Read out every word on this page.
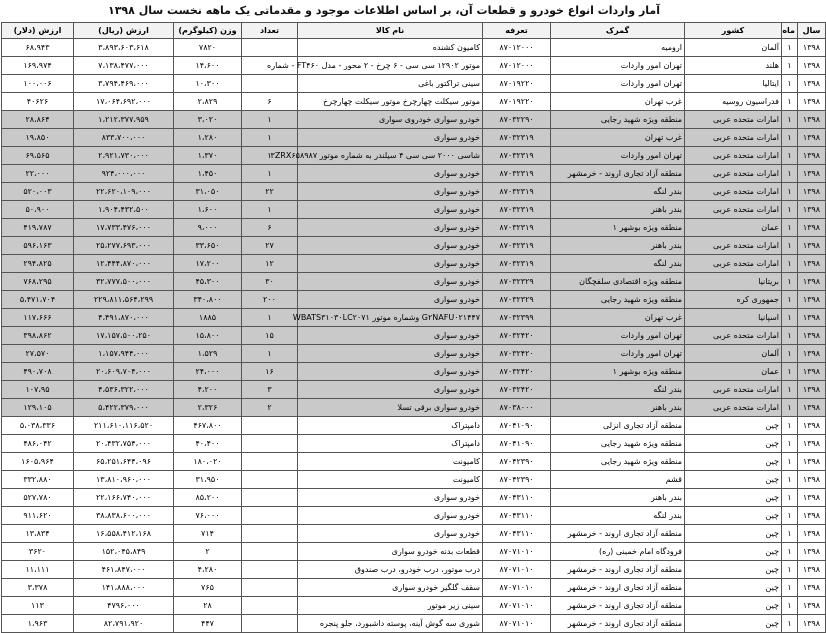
آمار واردات انواع خودرو و قطعات آن، بر اساس اطلاعات موجود و مقدماتی یک ماهه نخست سال ۱۳۹۸
سال	ماه	کشور	گمرک	تعرفه	نام کالا	تعداد	وزن (کیلوگرم)	ارزش (ریال)	ارزش (دلار)
۱۳۹۸	۱	آلمان	اروميه	۸۷۰۱۲۰۰۰	کامیون کشنده		۷۸۲۰	۳،۸۹۳،۶۰۳،۶۱۸	۶۸،۹۴۳
۱۳۹۸	۱	هلند	تهران امور واردات	۸۷۰۱۲۰۰۰	موتور ۱۲۹۰۲ سی سی - ۶ چرخ - ۲ محور - مدل FT۴۶۰ - شماره		۱۴،۶۰۰	۷،۱۳۸،۴۷۷،۰۰۰	۱۶۹،۹۷۴
۱۳۹۸	۱	ایتالیا	تهران امور واردات	۸۷۰۱۹۲۲۰	سینی تراکتور باغی		۱۰،۳۰۰	۳،۷۹۴،۴۶۹،۰۰۰	۱۰۰،۰۰۶
۱۳۹۸	۱	فدراسیون روسیه	غرب تهران	۸۷۰۱۹۲۲۰	موتور سیکلت چهارچرخ موتور سیکلت چهارچرخ	۶	۲،۸۲۹	۱۷،۰۶۴،۶۹۲،۰۰۰	۴۰۶۲۶
۱۳۹۸	۱	امارات متحده عربی	منطقه ویژه شهید رجایی	۸۷۰۳۲۲۹۰	خودرو سواری خودروی سواری	۱	۳،۰۲۰	۱،۲۱۲،۳۷۷،۹۵۹	۲۸،۸۶۴
۱۳۹۸	۱	امارات متحده عربی	غرب تهران	۸۷۰۳۲۳۱۹	خودرو سواری	۱	۱،۲۸۰	۸۳۳،۷۰۰،۰۰۰	۱۹،۸۵۰
۱۳۹۸	۱	امارات متحده عربی	تهران امور واردات	۸۷۰۳۲۳۱۹	شاسی ۲۰۰۰ سی سی ۴ سیلندر به شماره موتور ۳ZRX۶۵۸۹۸۷	۱	۱،۳۷۰	۲،۹۲۱،۷۳۰،۰۰۰	۶۹،۵۶۵
۱۳۹۸	۱	امارات متحده عربی	منطقه آزاد تجاری اروند - خرمشهر	۸۷۰۳۲۳۱۹	خودرو سواری	۱	۱،۴۵۰	۹۲۴،۰۰۰،۰۰۰	۲۲،۰۰۰
۱۳۹۸	۱	امارات متحده عربی	بندر لنگه	۸۷۰۳۲۳۱۹	خودرو سواری	۲۲	۳۱،۰۵۰	۲۲،۶۲۰،۱۰۹،۰۰۰	۵۲۰،۰۰۳
۱۳۹۸	۱	امارات متحده عربی	بندر باهنر	۸۷۰۳۲۳۱۹	خودرو سواری	۱	۱،۶۰۰	۱،۹۰۴،۴۳۲،۵۰۰	۵۰،۹۰۰
۱۳۹۸	۱	عمان	منطقه ویژه بوشهر ۱	۸۷۰۳۲۳۱۹	خودرو سواری	۶	۹،۰۰۰	۱۷،۷۳۳،۴۷۶،۰۰۰	۴۱۹،۷۸۷
۱۳۹۸	۱	امارات متحده عربی	بندر باهنر	۸۷۰۳۲۳۱۹	خودرو سواری	۲۷	۳۳،۶۵۰	۲۵،۲۷۷،۶۹۳،۰۰۰	۵۹۶،۱۶۳
۱۳۹۸	۱	امارات متحده عربی	بندر لنگه	۸۷۰۳۲۳۱۹	خودرو سواری	۱۲	۱۷،۲۰۰	۱۲،۴۴۴،۸۷۰،۰۰۰	۲۹۴،۸۲۵
۱۳۹۸	۱	بریتانیا	منطقه ویژه اقتصادی سلفچگان	۸۷۰۳۲۳۲۹	خودرو سواری	۳۰	۴۵،۳۰۰	۳۲،۷۷۷،۵۰۰،۰۰۰	۷۶۸،۲۹۵
۱۳۹۸	۱	جمهوری کره	منطقه ویژه شهید رجایی	۸۷۰۳۲۳۲۹	خودرو سواری	۲۰۰	۳۴۰،۸۰۰	۲۲۹،۸۱۱،۵۶۴،۲۹۹	۵،۴۷۱،۷۰۴
۱۳۹۸	۱	اسپانیا	غرب تهران	۸۷۰۳۲۳۹۹	G۲NAFU۰۲۱۴۴۷ وشماره موتور WBATS۳۱۰۳۰LC۲۰۷۱	۱	۱۸۸۵	۴،۴۹۱،۸۷۰،۰۰۰	۱۱۷،۶۶۶
۱۳۹۸	۱	امارات متحده عربی	تهران امور واردات	۸۷۰۳۲۴۲۰	خودرو سواری	۱۵	۱۵،۸۰۰	۱۷،۱۵۷،۵۰۰،۲۵۰	۳۹۸،۸۶۲
۱۳۹۸	۱	آلمان	تهران امور واردات	۸۷۰۳۲۴۲۰	خودرو سواری	۱	۱،۵۲۹	۱،۱۵۷،۹۴۴،۰۰۰	۲۷،۵۷۰
۱۳۹۸	۱	عمان	منطقه ویژه بوشهر ۱	۸۷۰۳۲۴۲۰	خودرو سواری	۱۶	۲۴،۰۰۰	۲۰،۶۰۹،۷۰۴،۰۰۰	۴۹۰،۷۰۸
۱۳۹۸	۱	امارات متحده عربی	بندر لنگه	۸۷۰۳۲۴۲۰	خودرو سواری	۳	۴،۲۰۰	۴،۵۳۶،۳۲۲،۰۰۰	۱۰۷،۹۵
۱۳۹۸	۱	امارات متحده عربی	بندر باهنر	۸۷۰۳۸۰۰۰	خودرو سواری برقی تسلا	۲	۲،۳۲۶	۵،۴۲۲،۳۷۹،۰۰۰	۱۲۹،۱۰۵
۱۳۹۸	۱	چین	منطقه آزاد تجاری انزلی	۸۷۰۴۱۰۹۰	دامپتراک		۴۶۷،۸۰۰	۲۱۱،۶۱۰،۱۱۶،۵۲۰	۵،۰۳۸،۳۳۶
۱۳۹۸	۱	چین	منطقه ویژه شهید رجایی	۸۷۰۴۱۰۹۰	دامپتراک		۴۰،۴۰۰	۲۰،۴۳۲،۷۵۴،۰۰۰	۴۸۶،۰۴۲
۱۳۹۸	۱	چین	منطقه ویژه شهید رجایی	۸۷۰۴۲۳۹۰	کامیونت		۱۸۰،۰۲۰	۶۵،۲۵۱،۶۴۴،۰۹۶	۱۶۰۵،۹۶۴
۱۳۹۸	۱	چین	قشم	۸۷۰۴۲۳۹۰	کامیونت		۳۱،۹۵۰	۱۳،۸۱۰،۹۶۰،۰۰۰	۳۳۲،۸۸۰
۱۳۹۸	۱	چین	بندر باهنر	۸۷۰۴۳۱۱۰	خودرو سواری		۸۵،۲۰۰	۲۲،۱۶۶،۷۴۰،۰۰۰	۵۲۷،۷۸۰
۱۳۹۸	۱	چین	بندر لنگه	۸۷۰۴۳۱۱۰	خودرو سواری		۷۶،۰۰۰	۳۸،۸۳۸،۶۰۰،۰۰۰	۹۱۱،۶۲۰
۱۳۹۸	۱	چین	منطقه آزاد تجاری اروند - خرمشهر	۸۷۰۴۳۱۱۰	خودرو سواری		۷۱۴	۱۶،۵۵۸،۴۱۲،۱۶۸	۱۳،۸۳۴
۱۳۹۸	۱	چین	فرودگاه امام خمینی (ره)	۸۷۰۷۱۰۱۰	قطعات بدنه خودرو سواری		۲	۱۵۲،۰۴۵،۸۴۹	۳۶۲۰
۱۳۹۸	۱	چین	منطقه آزاد تجاری اروند - خرمشهر	۸۷۰۷۱۰۱۰	درب موتور، درب خودرو، درب صندوق		۴،۲۸۰	۴۶۱،۸۴۷،۰۰۰	۱۱،۱۱۱
۱۳۹۸	۱	چین	منطقه آزاد تجاری اروند - خرمشهر	۸۷۰۷۱۰۱۰	سقف گلگیر خودرو سواری		۷۶۵	۱۴۱،۸۸۸،۰۰۰	۳،۳۷۸
۱۳۹۸	۱	چین	منطقه آزاد تجاری اروند - خرمشهر	۸۷۰۷۱۰۱۰	سینی زیر موتور		۲۸	۴۷۹۶،۰۰۰	۱۱۳
۱۳۹۸	۱	چین	منطقه آزاد تجاری اروند - خرمشهر	۸۷۰۷۱۰۱۰	شوری سه گوش آینه، پوسته داشبورد، جلو پنجره		۴۴۷	۸۲،۷۹۱،۹۲۰	۱،۹۶۳
